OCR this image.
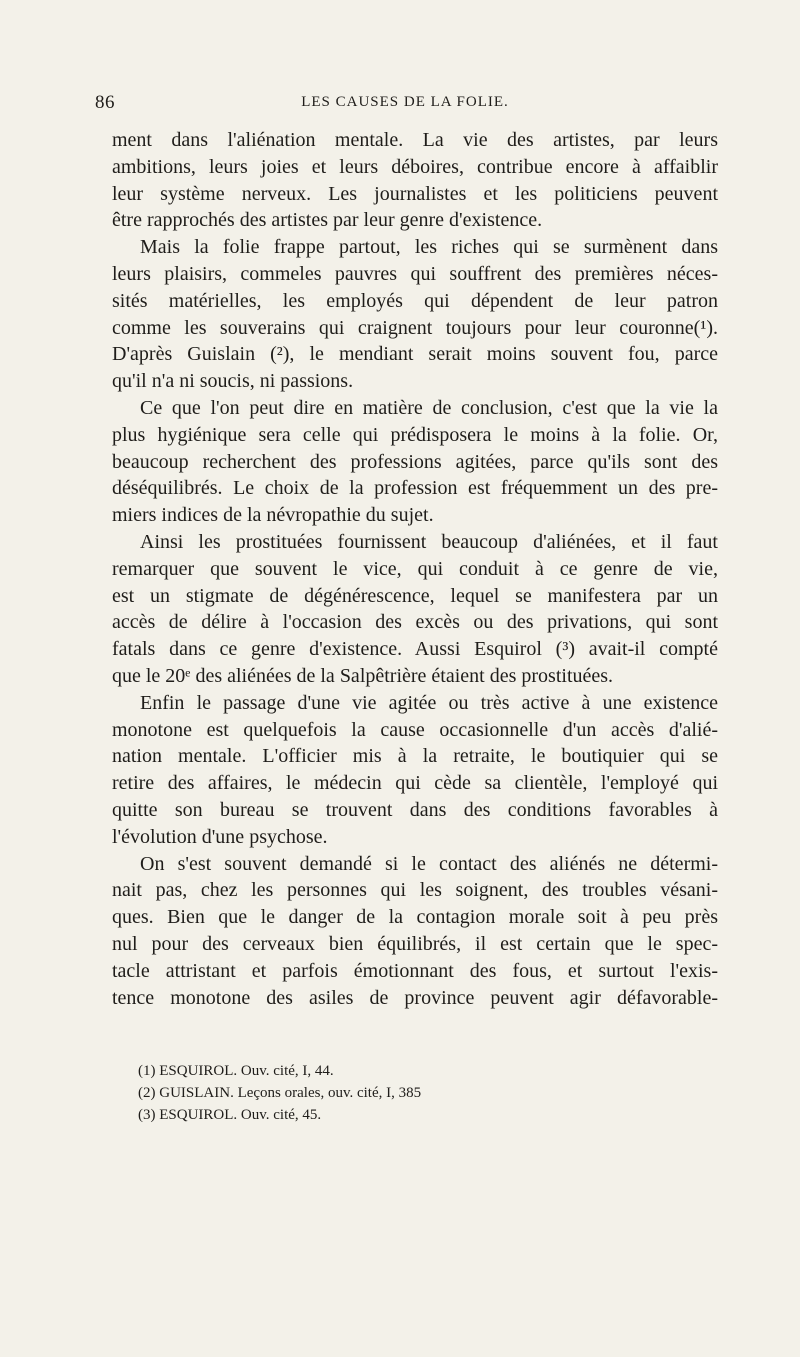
86	LES CAUSES DE LA FOLIE.
ment dans l'aliénation mentale. La vie des artistes, par leurs
ambitions, leurs joies et leurs déboires, contribue encore à affaiblir
leur système nerveux. Les journalistes et les politiciens peuvent
être rapprochés des artistes par leur genre d'existence.
Mais la folie frappe partout, les riches qui se surmènent dans
leurs plaisirs, commeles pauvres qui souffrent des premières néces-
sités matérielles, les employés qui dépendent de leur patron
comme les souverains qui craignent toujours pour leur couronne(¹).
D'après Guislain (²), le mendiant serait moins souvent fou, parce
qu'il n'a ni soucis, ni passions.
Ce que l'on peut dire en matière de conclusion, c'est que la vie la
plus hygiénique sera celle qui prédisposera le moins à la folie. Or,
beaucoup recherchent des professions agitées, parce qu'ils sont des
déséquilibrés. Le choix de la profession est fréquemment un des pre-
miers indices de la névropathie du sujet.
Ainsi les prostituées fournissent beaucoup d'aliénées, et il faut
remarquer que souvent le vice, qui conduit à ce genre de vie,
est un stigmate de dégénérescence, lequel se manifestera par un
accès de délire à l'occasion des excès ou des privations, qui sont
fatals dans ce genre d'existence. Aussi Esquirol (³) avait-il compté
que le 20ᵉ des aliénées de la Salpêtrière étaient des prostituées.
Enfin le passage d'une vie agitée ou très active à une existence
monotone est quelquefois la cause occasionnelle d'un accès d'alié-
nation mentale. L'officier mis à la retraite, le boutiquier qui se
retire des affaires, le médecin qui cède sa clientèle, l'employé qui
quitte son bureau se trouvent dans des conditions favorables à
l'évolution d'une psychose.
On s'est souvent demandé si le contact des aliénés ne détermi-
nait pas, chez les personnes qui les soignent, des troubles vésani-
ques. Bien que le danger de la contagion morale soit à peu près
nul pour des cerveaux bien équilibrés, il est certain que le spec-
tacle attristant et parfois émotionnant des fous, et surtout l'exis-
tence monotone des asiles de province peuvent agir défavorable-
(1) ESQUIROL. Ouv. cité, I, 44.
(2) GUISLAIN. Leçons orales, ouv. cité, I, 385
(3) ESQUIROL. Ouv. cité, 45.
